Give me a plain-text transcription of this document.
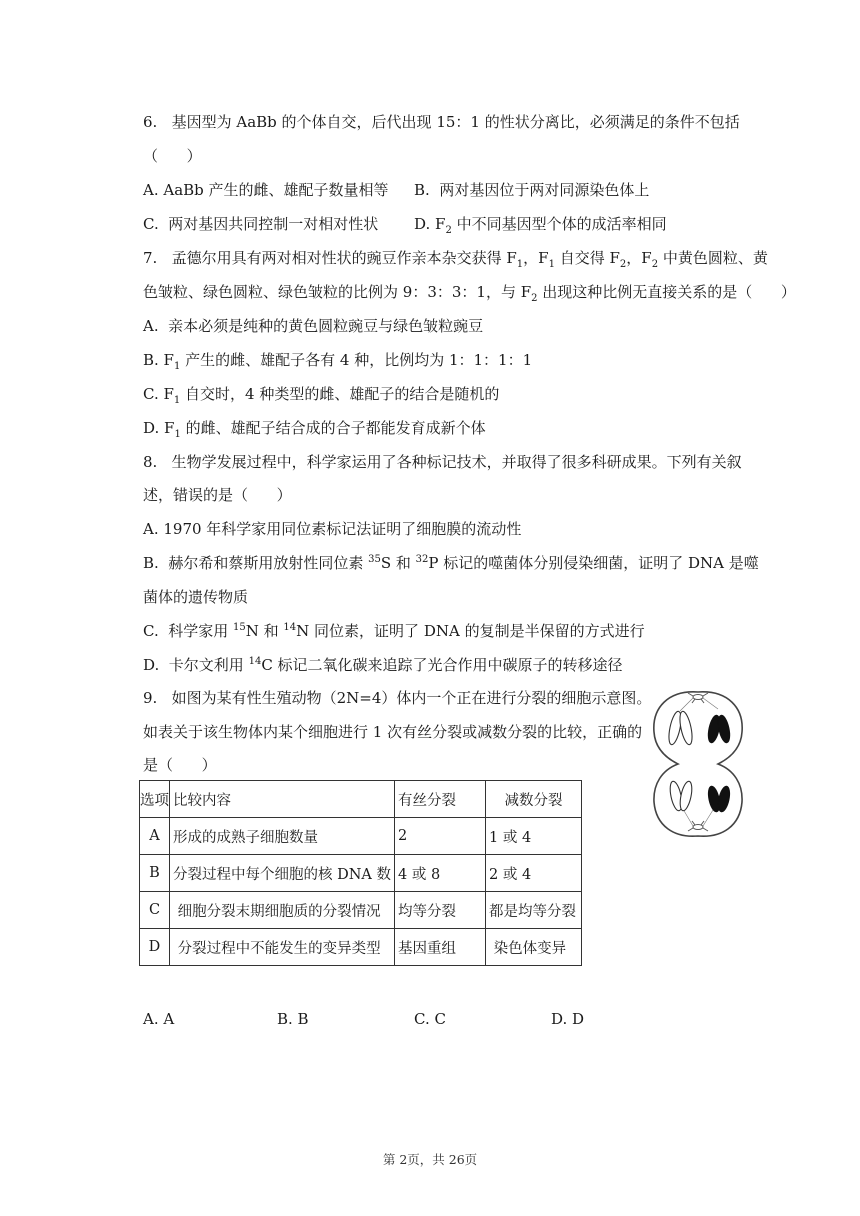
6.   基因型为 AaBb 的个体自交，后代出现 15：1 的性状分离比，必须满足的条件不包括
（      ）
A. AaBb 产生的雌、雄配子数量相等 B.  两对基因位于两对同源染色体上
C.  两对基因共同控制一对相对性状 D. $F_2$ 中不同基因型个体的成活率相同
7.   孟德尔用具有两对相对性状的豌豆作亲本杂交获得 $F_1$，$F_1$ 自交得 $F_2$，$F_2$ 中黄色圆粒、黄
色皱粒、绿色圆粒、绿色皱粒的比例为 9：3：3：1，与 $F_2$ 出现这种比例无直接关系的是（      ）
A.  亲本必须是纯种的黄色圆粒豌豆与绿色皱粒豌豆
B. $F_1$ 产生的雌、雄配子各有 4 种，比例均为 1：1：1：1
C. $F_1$ 自交时，4 种类型的雌、雄配子的结合是随机的
D. $F_1$ 的雌、雄配子结合成的合子都能发育成新个体
8.   生物学发展过程中，科学家运用了各种标记技术，并取得了很多科研成果。下列有关叙
述，错误的是（      ）
A. 1970 年科学家用同位素标记法证明了细胞膜的流动性
B.  赫尔希和蔡斯用放射性同位素 $^{35}$S 和 $^{32}$P 标记的噬菌体分别侵染细菌，证明了 DNA 是噬
菌体的遗传物质
C.  科学家用 $^{15}$N 和 $^{14}$N 同位素，证明了 DNA 的复制是半保留的方式进行
D.  卡尔文利用 $^{14}$C 标记二氧化碳来追踪了光合作用中碳原子的转移途径
9.   如图为某有性生殖动物（2N=4）体内一个正在进行分裂的细胞示意图。
如表关于该生物体内某个细胞进行 1 次有丝分裂或减数分裂的比较，正确的
是（      ）
选项	比较内容	有丝分裂	减数分裂
A	形成的成熟子细胞数量	2	1 或 4
B	分裂过程中每个细胞的核 DNA 数	4 或 8	2 或 4
C	细胞分裂末期细胞质的分裂情况	均等分裂	都是均等分裂
D	分裂过程中不能发生的变异类型	基因重组	染色体变异
A. A	B. B	C. C	D. D
第 2页，共 26页
